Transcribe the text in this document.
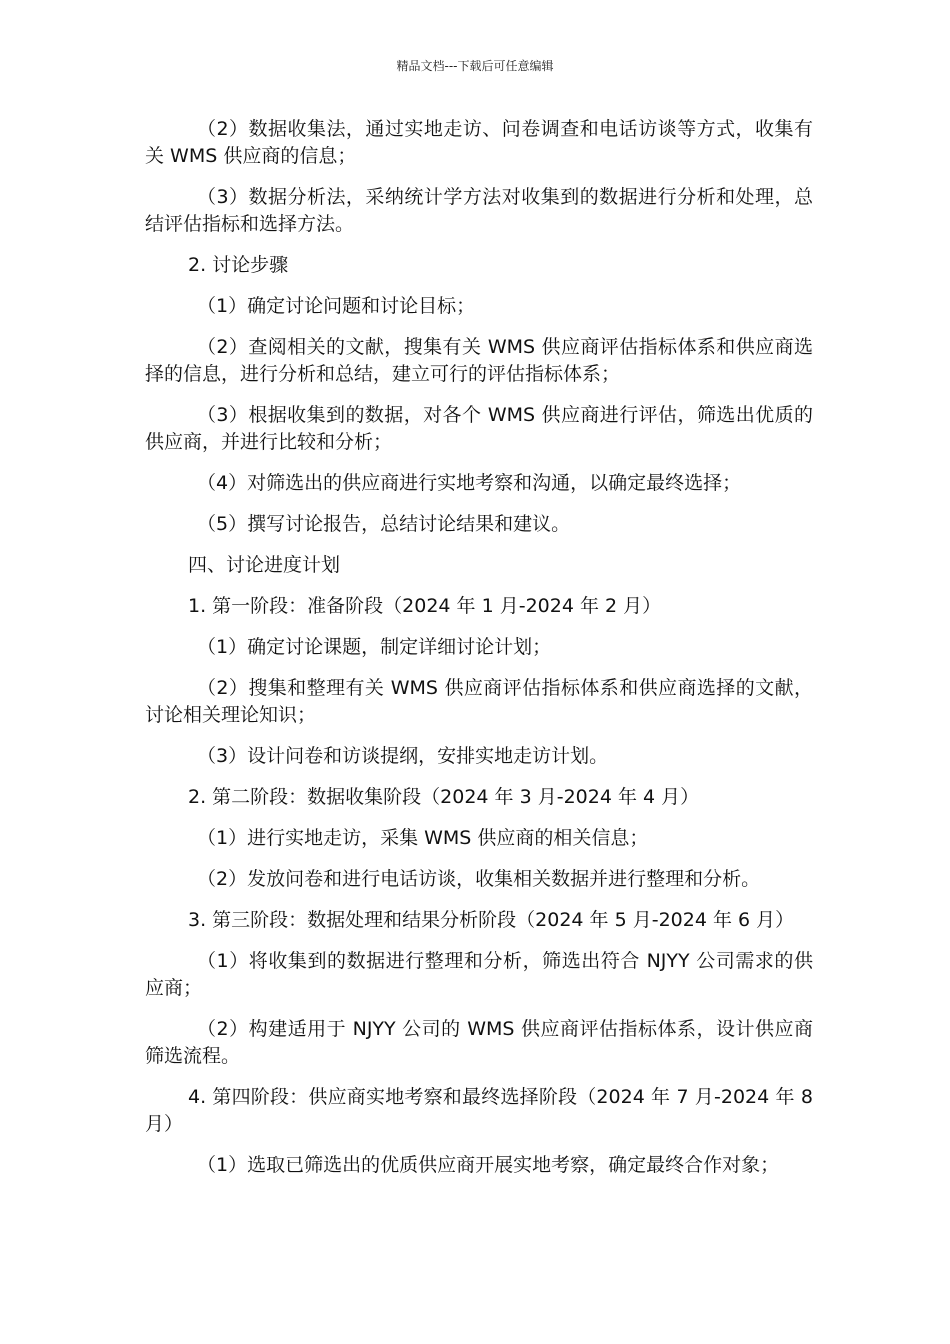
精品文档---下载后可任意编辑

（2）数据收集法，通过实地走访、问卷调查和电话访谈等方式，收集有关 WMS 供应商的信息；

（3）数据分析法，采纳统计学方法对收集到的数据进行分析和处理，总结评估指标和选择方法。

2. 讨论步骤

（1）确定讨论问题和讨论目标；

（2）查阅相关的文献，搜集有关 WMS 供应商评估指标体系和供应商选择的信息，进行分析和总结，建立可行的评估指标体系；

（3）根据收集到的数据，对各个 WMS 供应商进行评估，筛选出优质的供应商，并进行比较和分析；

（4）对筛选出的供应商进行实地考察和沟通，以确定最终选择；

（5）撰写讨论报告，总结讨论结果和建议。

四、讨论进度计划

1. 第一阶段：准备阶段（2024 年 1 月-2024 年 2 月）

（1）确定讨论课题，制定详细讨论计划；

（2）搜集和整理有关 WMS 供应商评估指标体系和供应商选择的文献，讨论相关理论知识；

（3）设计问卷和访谈提纲，安排实地走访计划。

2. 第二阶段：数据收集阶段（2024 年 3 月-2024 年 4 月）

（1）进行实地走访，采集 WMS 供应商的相关信息；

（2）发放问卷和进行电话访谈，收集相关数据并进行整理和分析。

3. 第三阶段：数据处理和结果分析阶段（2024 年 5 月-2024 年 6 月）

（1）将收集到的数据进行整理和分析，筛选出符合 NJYY 公司需求的供应商；

（2）构建适用于 NJYY 公司的 WMS 供应商评估指标体系，设计供应商筛选流程。

4. 第四阶段：供应商实地考察和最终选择阶段（2024 年 7 月-2024 年 8 月）

（1）选取已筛选出的优质供应商开展实地考察，确定最终合作对象；
